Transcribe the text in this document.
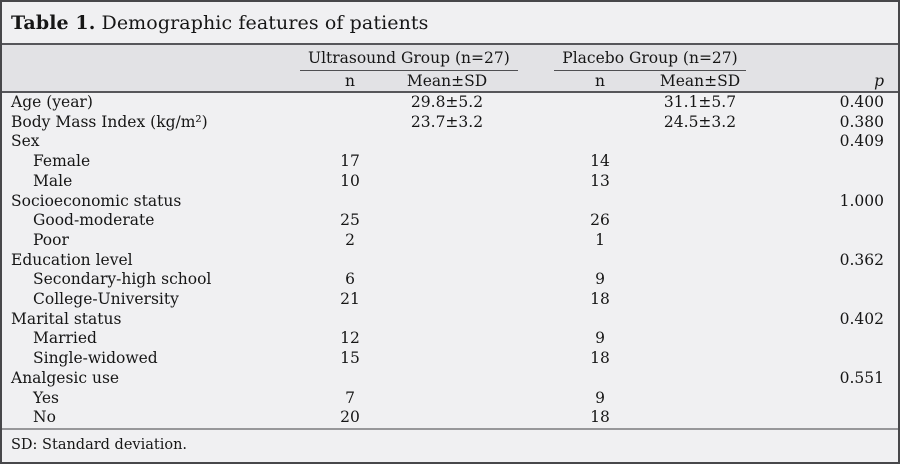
Table 1. Demographic features of patients
	Ultrasound Group (n=27)			Placebo Group (n=27)		
	n	Mean±SD		n	Mean±SD	p
Age (year)		29.8±5.2			31.1±5.7	0.400
Body Mass Index (kg/m²)		23.7±3.2			24.5±3.2	0.380
Sex						0.409
Female	17			14		
Male	10			13		
Socioeconomic status						1.000
Good-moderate	25			26		
Poor	2			1		
Education level						0.362
Secondary-high school	6			9		
College-University	21			18		
Marital status						0.402
Married	12			9		
Single-widowed	15			18		
Analgesic use						0.551
Yes	7			9		
No	20			18		
SD: Standard deviation.
